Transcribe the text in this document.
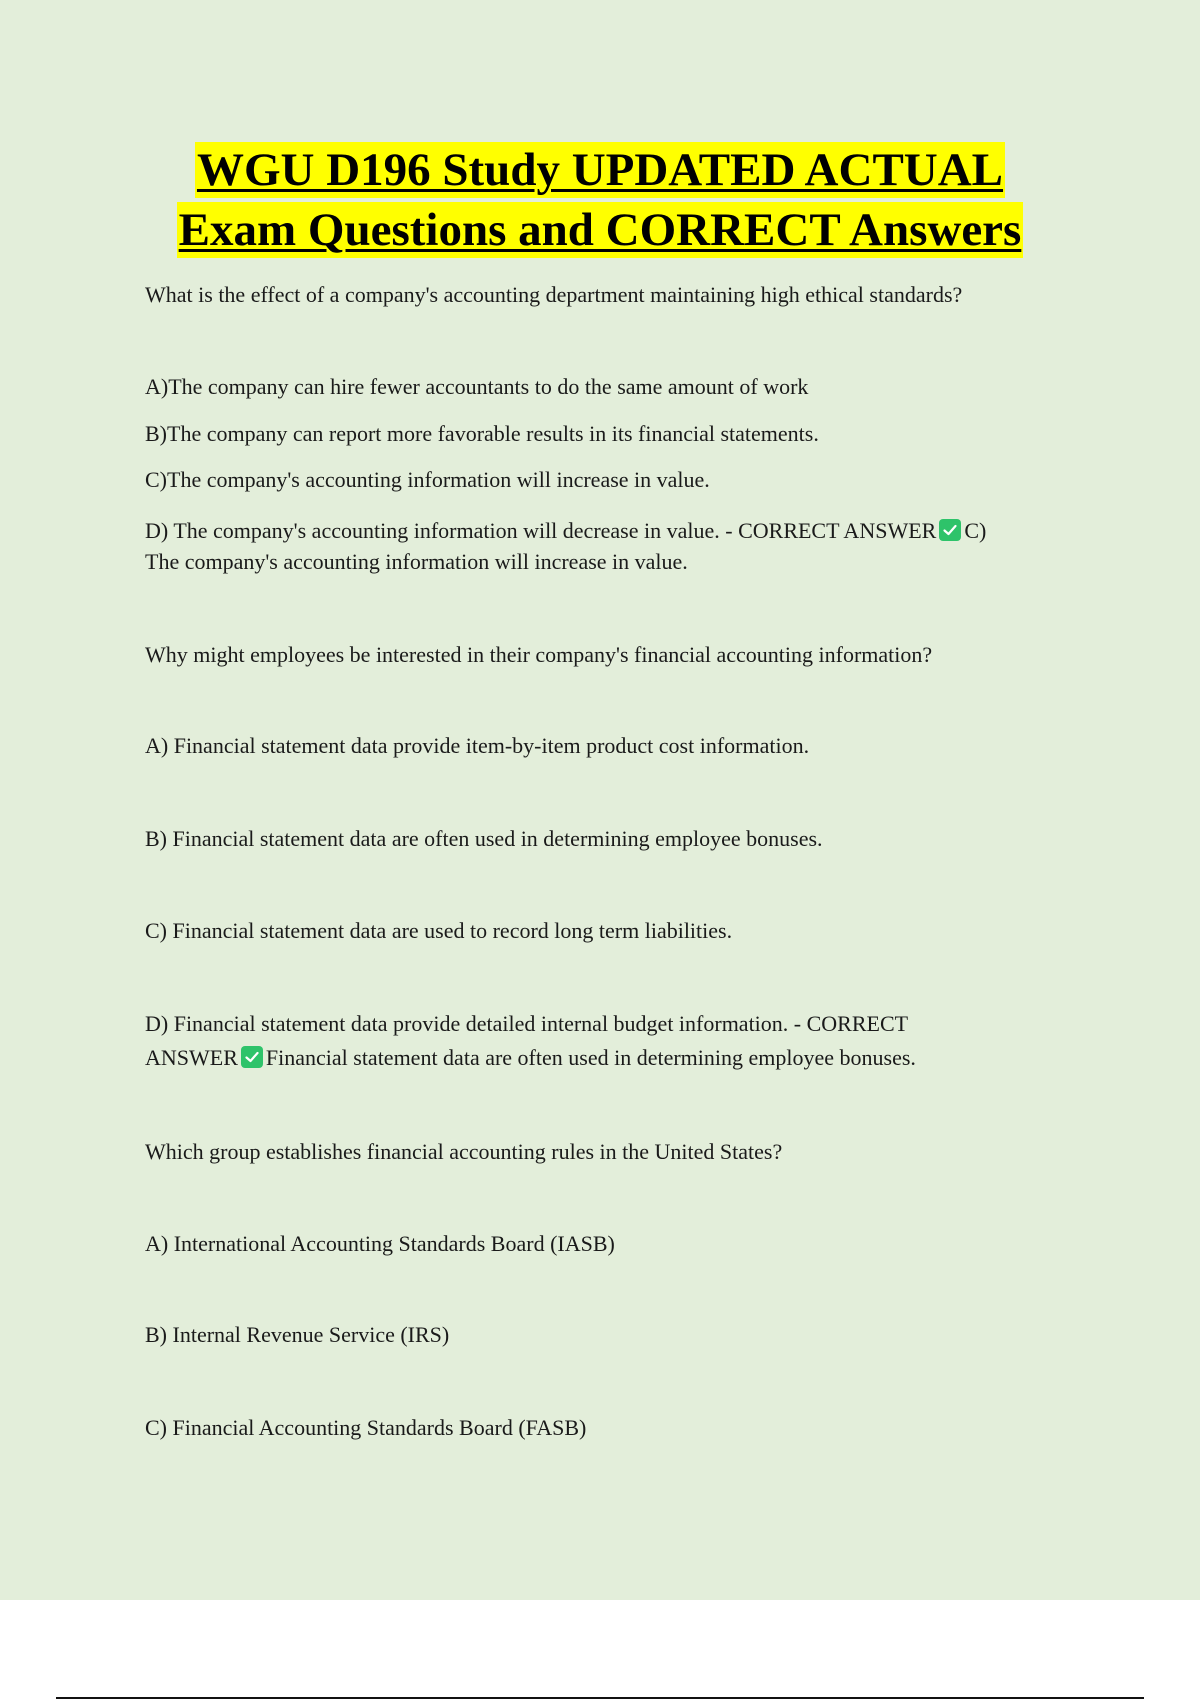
WGU D196 Study UPDATED ACTUAL
Exam Questions and CORRECT Answers
What is the effect of a company's accounting department maintaining high ethical standards?
A)The company can hire fewer accountants to do the same amount of work
B)The company can report more favorable results in its financial statements.
C)The company's accounting information will increase in value.
D) The company's accounting information will decrease in value. - CORRECT ANSWER C)
The company's accounting information will increase in value.
Why might employees be interested in their company's financial accounting information?
A) Financial statement data provide item-by-item product cost information.
B) Financial statement data are often used in determining employee bonuses.
C) Financial statement data are used to record long term liabilities.
D) Financial statement data provide detailed internal budget information. - CORRECT
ANSWER Financial statement data are often used in determining employee bonuses.
Which group establishes financial accounting rules in the United States?
A) International Accounting Standards Board (IASB)
B) Internal Revenue Service (IRS)
C) Financial Accounting Standards Board (FASB)
